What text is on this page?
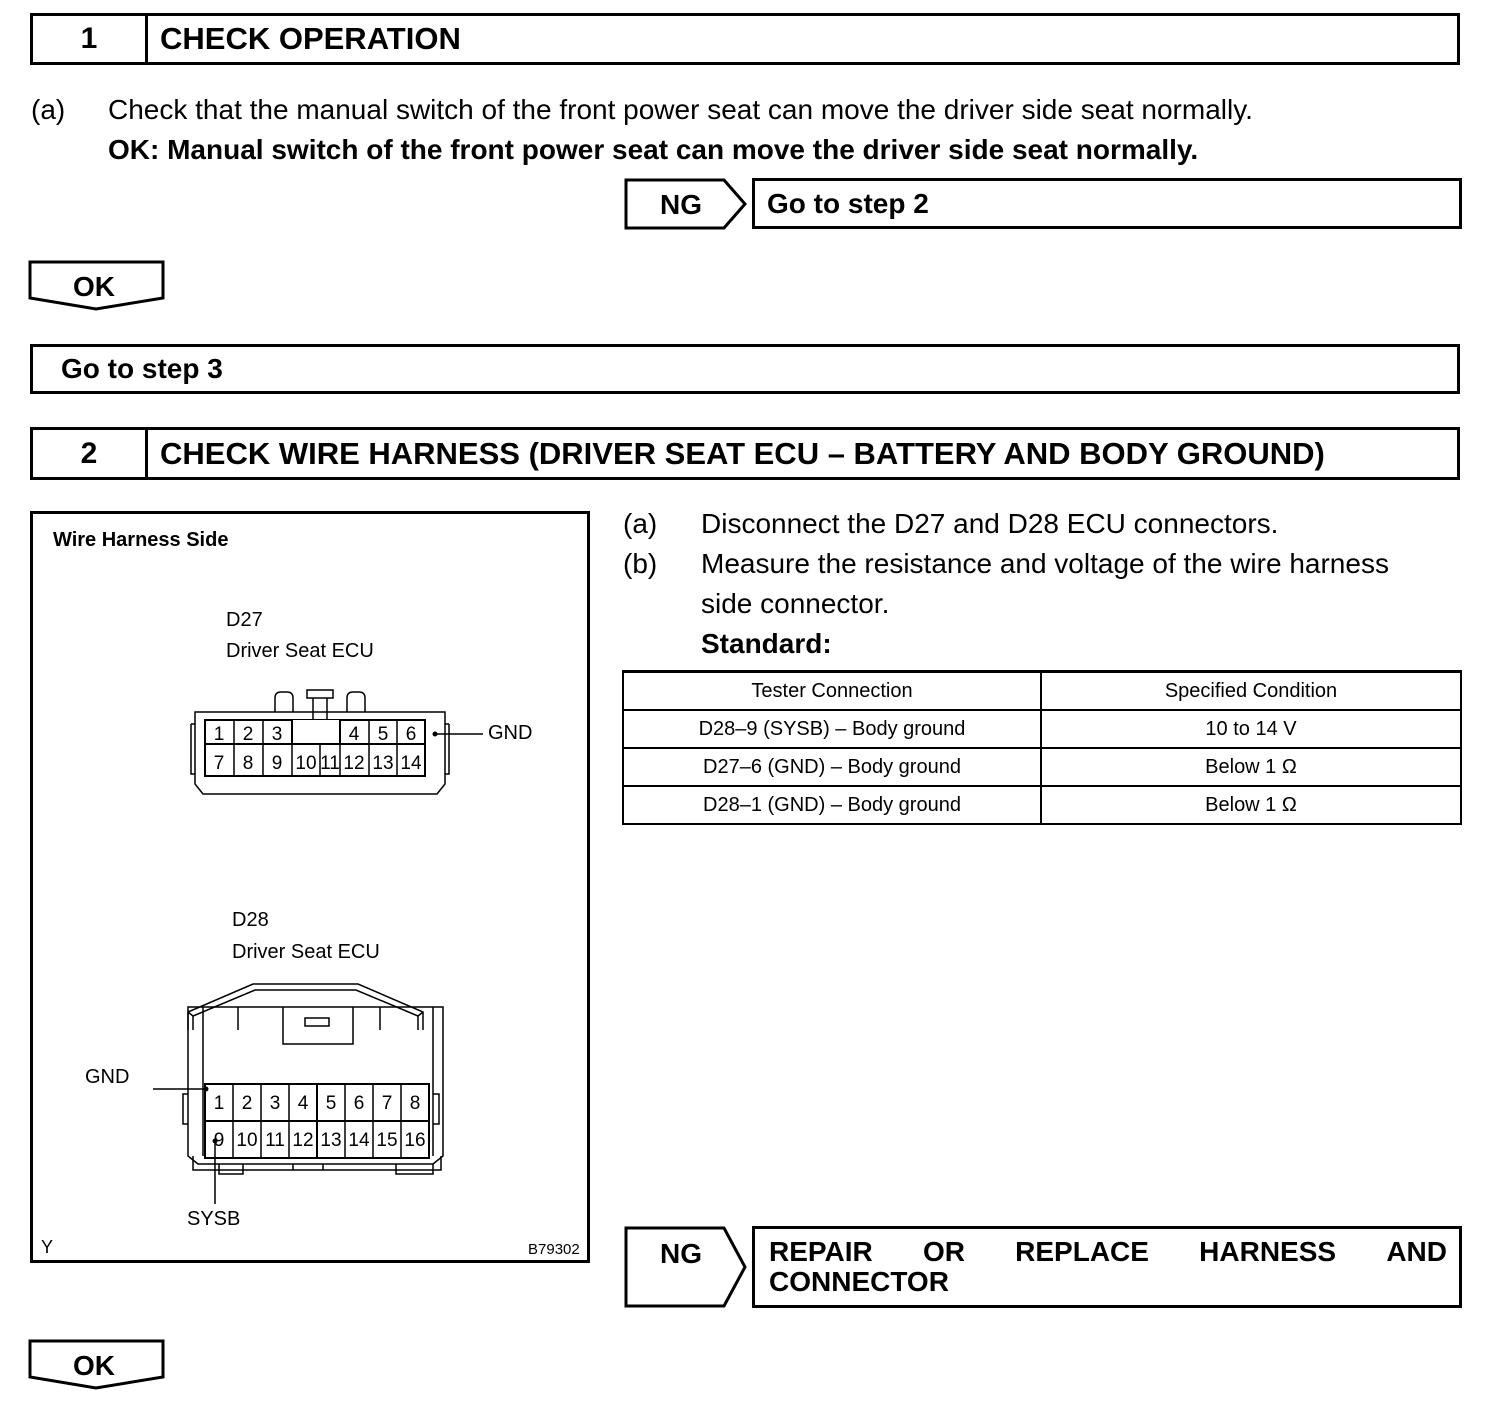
1	CHECK OPERATION
(a) Check that the manual switch of the front power seat can move the driver side seat normally.
OK: Manual switch of the front power seat can move the driver side seat normally.
NG	Go to step 2
OK
Go to step 3
2	CHECK WIRE HARNESS (DRIVER SEAT ECU – BATTERY AND BODY GROUND)
Wire Harness Side
D27
Driver Seat ECU
GND
D28
Driver Seat ECU
GND
SYSB
Y	B79302
1 2 3	4 5 6
7 8 9 10 11 12 13 14
1 2 3 4 5 6 7 8
9 10 11 12 13 14 15 16
(a) Disconnect the D27 and D28 ECU connectors.
(b) Measure the resistance and voltage of the wire harness
side connector.
Standard:
Tester Connection	Specified Condition
D28–9 (SYSB) – Body ground	10 to 14 V
D27–6 (GND) – Body ground	Below 1 Ω
D28–1 (GND) – Body ground	Below 1 Ω
NG REPAIR OR REPLACE HARNESS AND
CONNECTOR
OK
